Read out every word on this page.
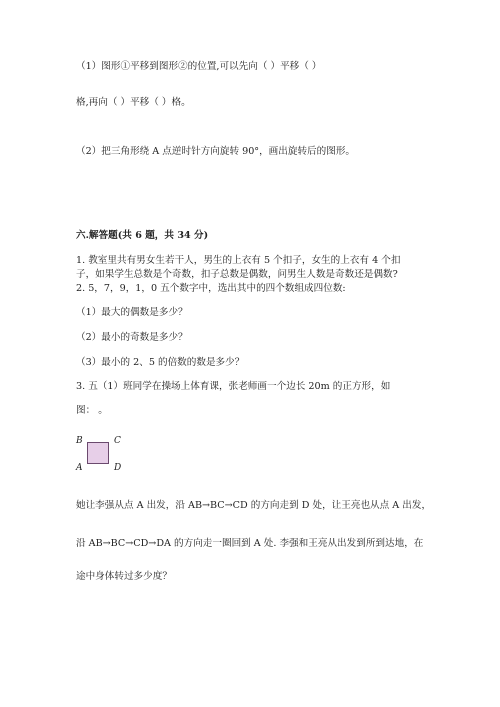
（1）图形①平移到图形②的位置,可以先向（ ）平移（ ）
格,再向（ ）平移（ ）格。
（2）把三角形绕 A 点逆时针方向旋转 90°，画出旋转后的图形。
六.解答题(共 6 题，共 34 分)
1. 教室里共有男女生若干人，男生的上衣有 5 个扣子，女生的上衣有 4 个扣
子，如果学生总数是个奇数，扣子总数是偶数，问男生人数是奇数还是偶数?
2. 5，7，9，1，0 五个数字中，选出其中的四个数组成四位数:
（1）最大的偶数是多少？
（2）最小的奇数是多少？
（3）最小的 2、5 的倍数的数是多少？
3. 五（1）班同学在操场上体育课，张老师画一个边长 20m 的正方形，如
图： 。
B	C
A	D
她让李强从点 A 出发，沿 AB→BC→CD 的方向走到 D 处，让王亮也从点 A 出发，
沿 AB→BC→CD→DA 的方向走一圈回到 A 处. 李强和王亮从出发到所到达地，在
途中身体转过多少度？
